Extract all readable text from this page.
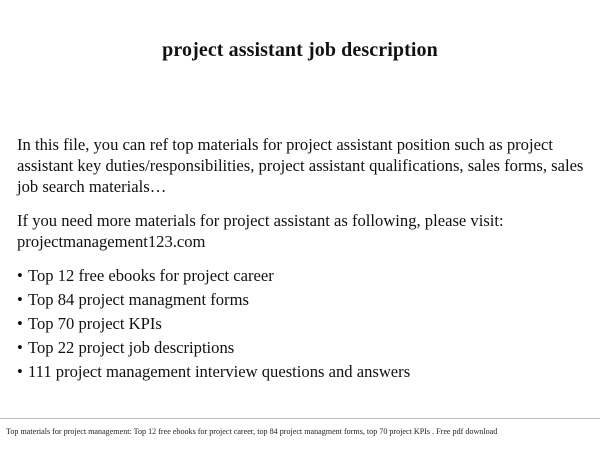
project assistant job description

In this file, you can ref top materials for project assistant position such as project assistant key duties/responsibilities, project assistant qualifications, sales forms, sales job search materials…

If you need more materials for project assistant as following, please visit: projectmanagement123.com

• Top 12 free ebooks for project career
• Top 84 project managment forms
• Top 70 project KPIs
• Top 22 project job descriptions
• 111 project management interview questions and answers
Top materials for project management: Top 12 free ebooks for project career, top 84 project managment forms, top 70 project KPIs . Free pdf download
